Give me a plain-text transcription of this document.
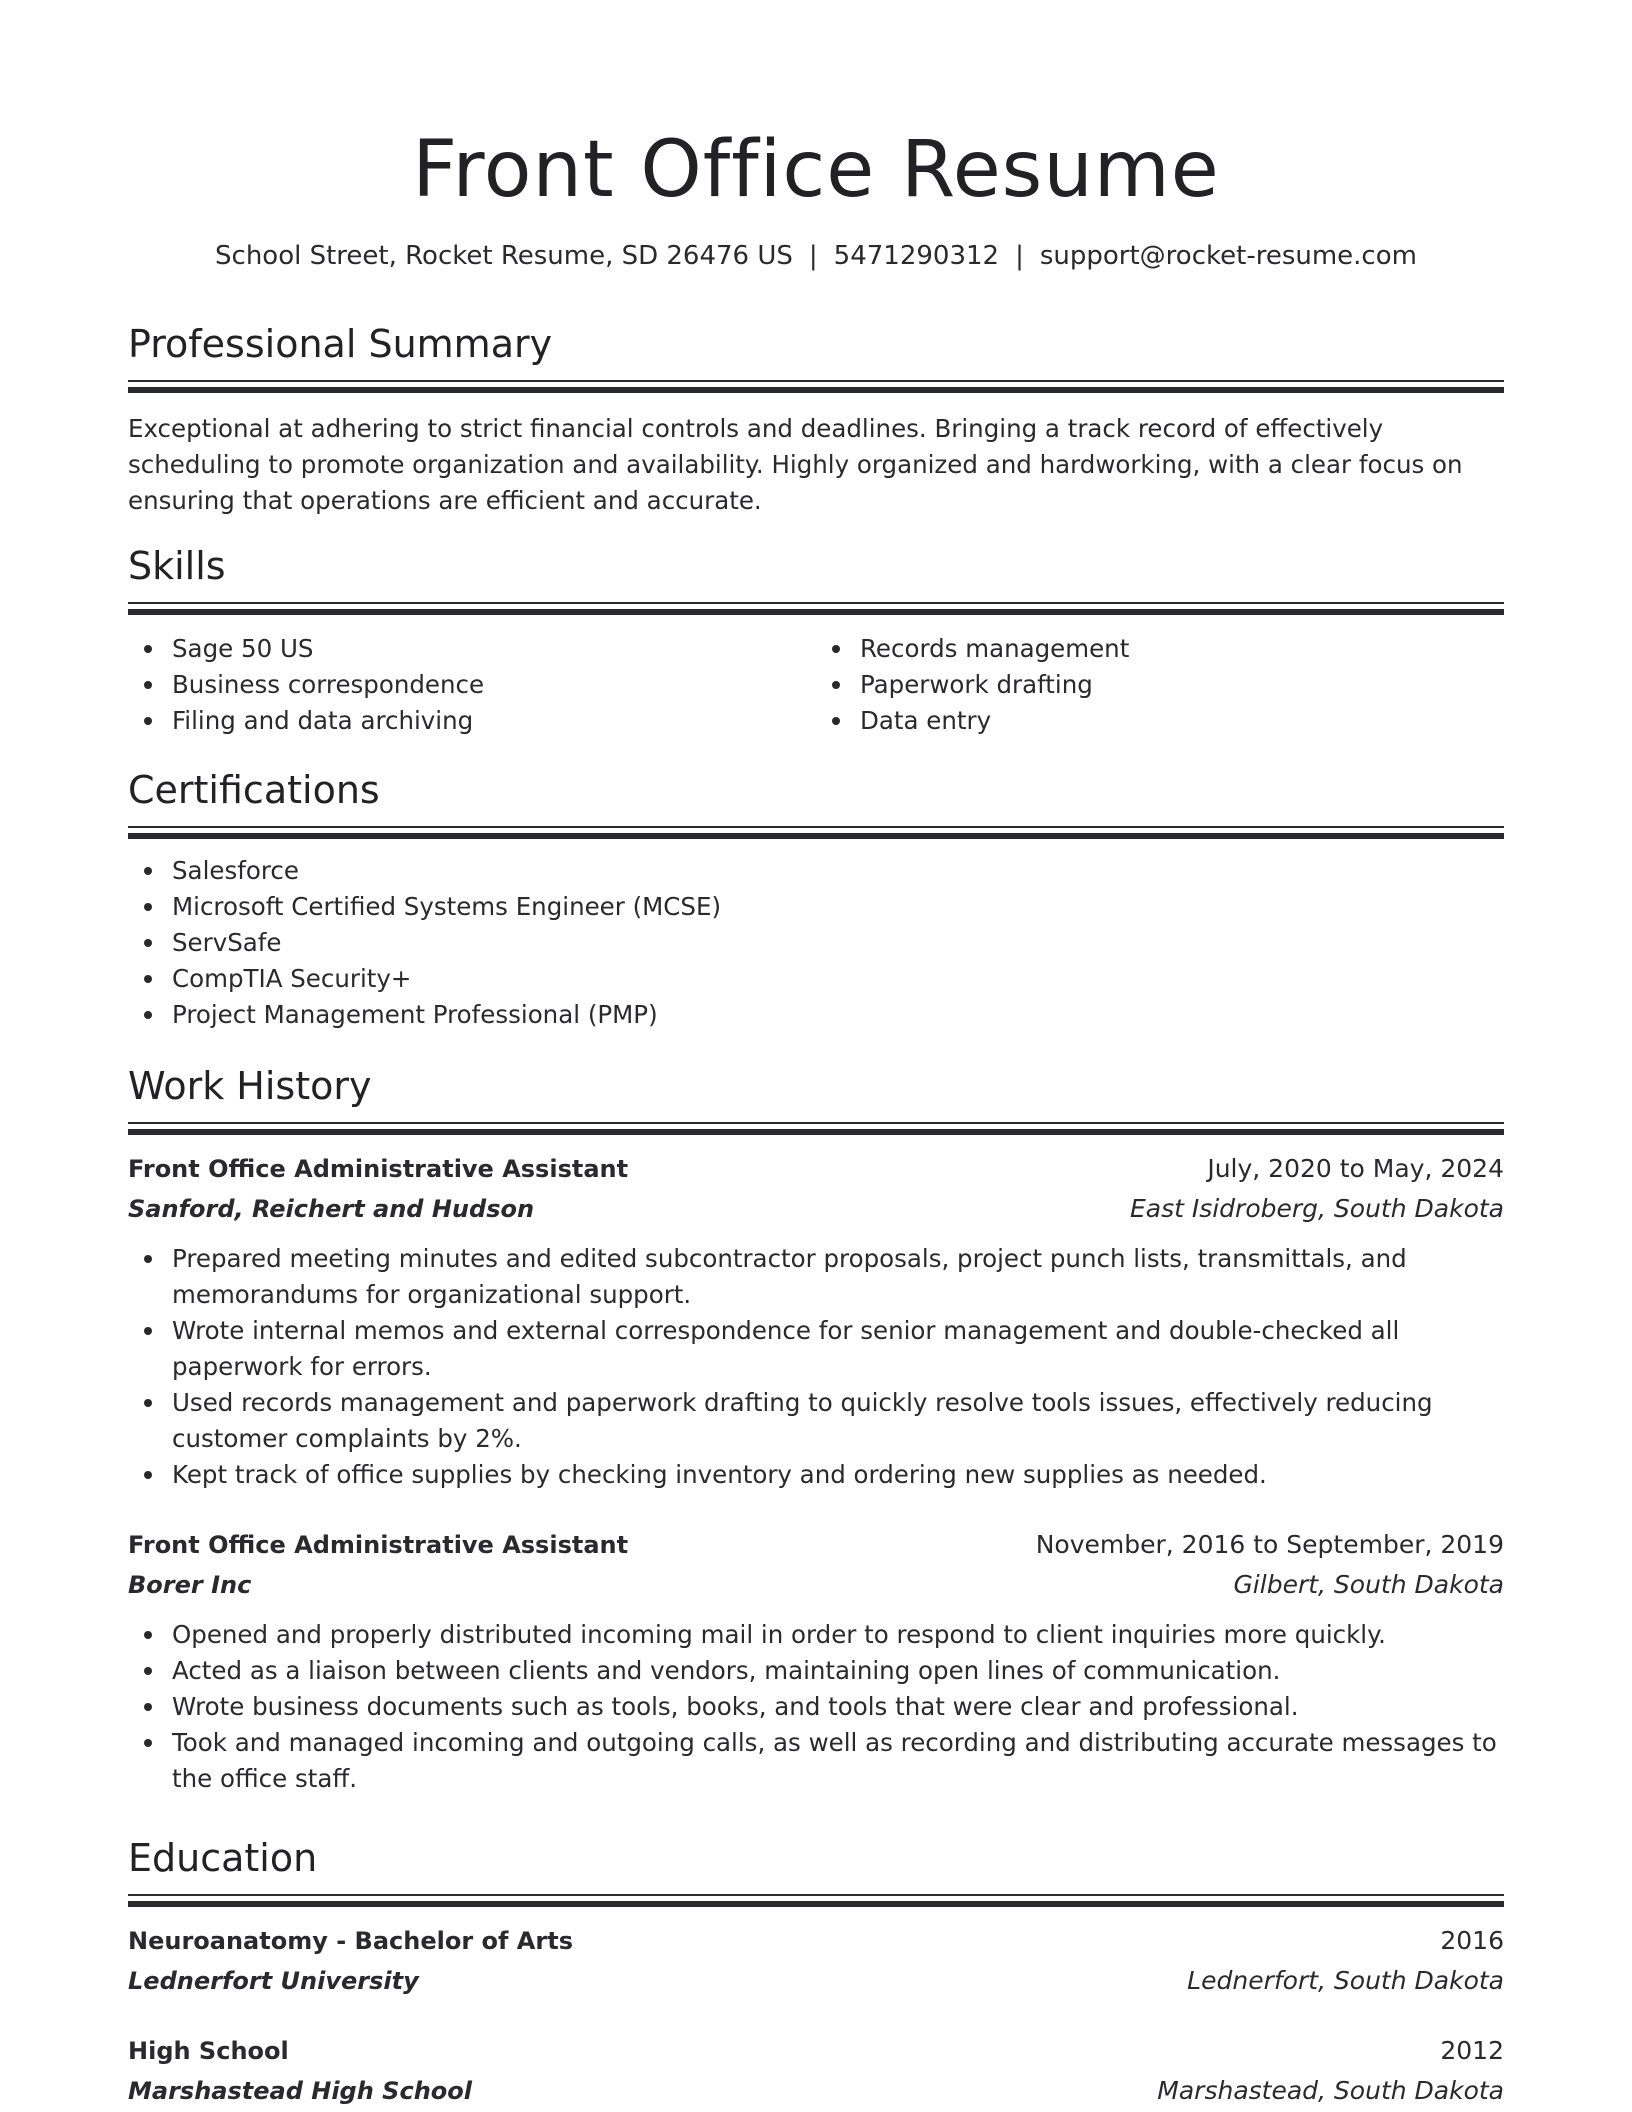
Front Office Resume
School Street, Rocket Resume, SD 26476 US | 5471290312 | support@rocket-resume.com
Professional Summary

Exceptional at adhering to strict financial controls and deadlines. Bringing a track record of effectively scheduling to promote organization and availability. Highly organized and hardworking, with a clear focus on ensuring that operations are efficient and accurate.

Skills
Sage 50 US
Business correspondence
Filing and data archiving
Records management
Paperwork drafting
Data entry
Certifications
Salesforce
Microsoft Certified Systems Engineer (MCSE)
ServSafe
CompTIA Security+
Project Management Professional (PMP)
Work History
Front Office Administrative Assistant	July, 2020 to May, 2024
Sanford, Reichert and Hudson	East Isidroberg, South Dakota
Prepared meeting minutes and edited subcontractor proposals, project punch lists, transmittals, and memorandums for organizational support.
Wrote internal memos and external correspondence for senior management and double-checked all paperwork for errors.
Used records management and paperwork drafting to quickly resolve tools issues, effectively reducing customer complaints by 2%.
Kept track of office supplies by checking inventory and ordering new supplies as needed.
Front Office Administrative Assistant	November, 2016 to September, 2019
Borer Inc	Gilbert, South Dakota
Opened and properly distributed incoming mail in order to respond to client inquiries more quickly.
Acted as a liaison between clients and vendors, maintaining open lines of communication.
Wrote business documents such as tools, books, and tools that were clear and professional.
Took and managed incoming and outgoing calls, as well as recording and distributing accurate messages to the office staff.
Education
Neuroanatomy - Bachelor of Arts	2016
Lednerfort University	Lednerfort, South Dakota
High School	2012
Marshastead High School	Marshastead, South Dakota
